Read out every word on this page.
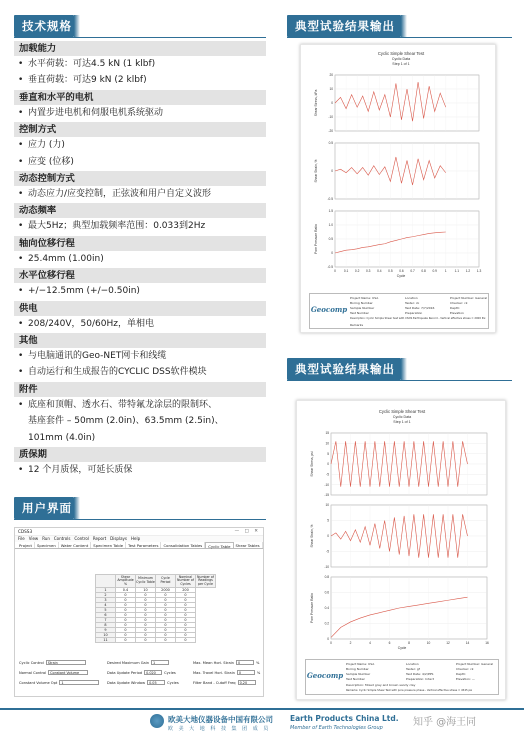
技术规格
加载能力
• 水平荷载：可达4.5 kN (1 klbf)
• 垂直荷载：可达9 kN (2 klbf)
垂直和水平的电机
• 内置步进电机和伺服电机系统驱动
控制方式
• 应力 (力)
• 应变 (位移)
动态控制方式
• 动态应力/应变控制，正弦波和用户自定义波形
动态频率
• 最大5Hz；典型加载频率范围：0.033到2Hz
轴向位移行程
• 25.4mm (1.00in)
水平位移行程
• +/−12.5mm (+/−0.50in)
供电
• 208/240V，50/60Hz，单相电
其他
• 与电脑通讯的Geo-NET网卡和线缆
• 自动运行和生成报告的CYCLIC DSS软件模块
附件
• 底座和顶帽、透水石、带特氟龙涂层的限制环、
基座套件 – 50mm (2.0in)、63.5mm (2.5in)、
101mm (4.0in)
质保期
• 12 个月质保，可延长质保
用户界面
CDSS3	— □ ✕
File View Run Controls Control Report Displays Help
Project	Specimen	Water Content	Specimen Table	Test Parameters	Consolidation Tables	Cyclic Table	Shear Tables
	Shear Amplitude %	Minimum Cyclic Table	Cycle Period	Nominal Number of Cycles	Number of Readings per Cycle
1	0.4	10	2000	200	
2	0	0	0	0	
3	0	0	0	0	
4	0	0	0	0	
5	0	0	0	0	
6	0	0	0	0	
7	0	0	0	0	
8	0	0	0	0	
9	0	0	0	0	
10	0	0	0	0	
11	0	0	0	0	
Cyclic Control	Strain
Normal Control	Constant Volume
Constant Volume Opt	1
Desired Maximum Gain	1
Data Update Period	0.020	Cycles
Data Update Window	0.05	Cycles
Max. Mean Hori. Strain	0	%
Max. Travel Hori. Strain	0	%
Filter Band - Cutoff Freq	0.20
典型试验结果输出
Cyclic Simple Shear Test
Cyclic Data
Step 1 of 1
20
10
0
-10
-20
Shear Stress, kPa
0.5
0
-0.5
Shear Strain, %
1.5
1.0
0.5
0
-0.5
Pore Pressure Ratio
0 0.1 0.2 0.3 0.4 0.5 0.6 0.7 0.8 0.9 1 1.1 1.2 1.3
Cycle
Geocomp
Project Name: USA	Location	Project Number: General
Boring Number	Tester: ck	Checker: ck
Sample Number	Test Date: 7/7/2016	Depth:
Test Number	Preparation	Elevation
Description: Cyclic Simple Shear test with CSDS Earthquake Record - Vertical effective stress = 2000 Psi
Remarks
典型试验结果输出
Cyclic Simple Shear Test
Cyclic Data
Step 1 of 1
15
10
5
0
-5
-10
-15
Shear Stress, psi
10
5
0
-5
-10
Shear Strain, %
0.8
0.6
0.4
0.2
0
Pore Pressure Ratio
0	2	4	6	8	10	12	14	16
Cycle
Geocomp
Project Name: USA	Location	Project Number: General
Boring Number	Tester: gf	Checker: ck
Sample Number	Test Date: 4/2/PPS	Depth:
Test Number	Preparation: Intact	Elevation: —
Description: Mixed gray and brown sandy clay
Remarks: Cyclic Simple Shear Test with pore pressure phase - Vertical effective stress = 4545 psi
欧美大地仪器设备中国有限公司 Earth Products China Ltd.
欧 美 大 地 科 技 集 团 成 员	Member of Earth Technologies Group	知乎 @海王同
